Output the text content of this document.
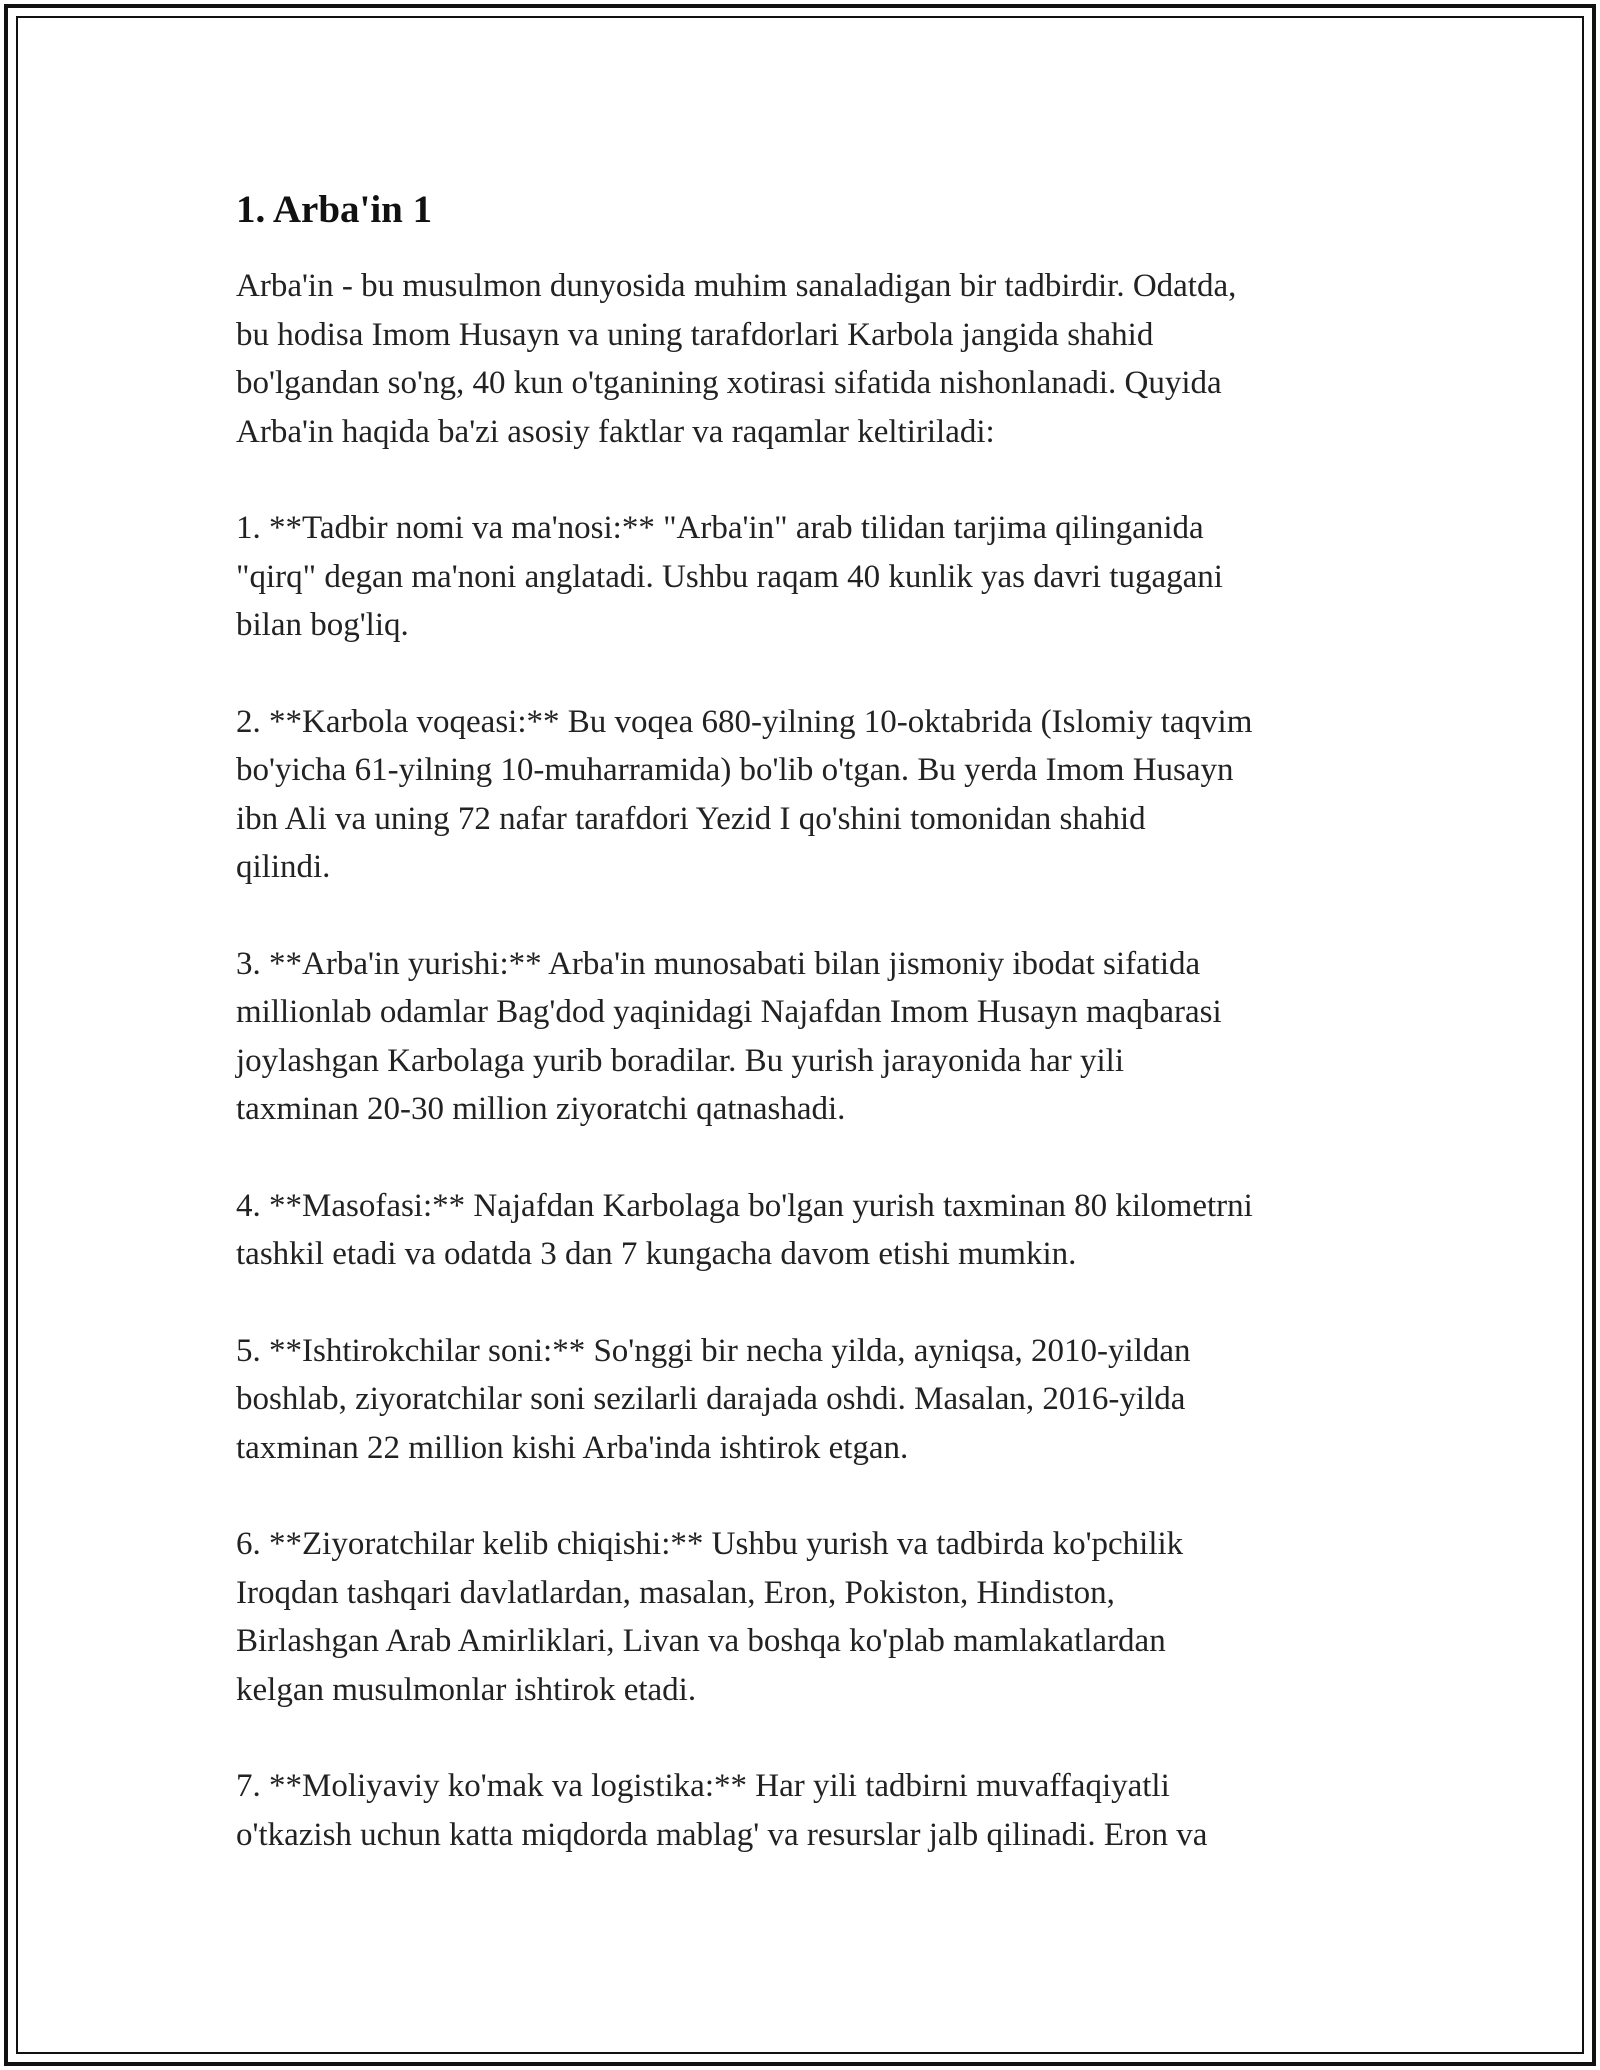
1. Arba'in 1

Arba'in - bu musulmon dunyosida muhim sanaladigan bir tadbirdir. Odatda,
bu hodisa Imom Husayn va uning tarafdorlari Karbola jangida shahid
bo'lgandan so'ng, 40 kun o'tganining xotirasi sifatida nishonlanadi. Quyida
Arba'in haqida ba'zi asosiy faktlar va raqamlar keltiriladi:

1. **Tadbir nomi va ma'nosi:** "Arba'in" arab tilidan tarjima qilinganida
"qirq" degan ma'noni anglatadi. Ushbu raqam 40 kunlik yas davri tugagani
bilan bog'liq.

2. **Karbola voqeasi:** Bu voqea 680-yilning 10-oktabrida (Islomiy taqvim
bo'yicha 61-yilning 10-muharramida) bo'lib o'tgan. Bu yerda Imom Husayn
ibn Ali va uning 72 nafar tarafdori Yezid I qo'shini tomonidan shahid
qilindi.

3. **Arba'in yurishi:** Arba'in munosabati bilan jismoniy ibodat sifatida
millionlab odamlar Bag'dod yaqinidagi Najafdan Imom Husayn maqbarasi
joylashgan Karbolaga yurib boradilar. Bu yurish jarayonida har yili
taxminan 20-30 million ziyoratchi qatnashadi.

4. **Masofasi:** Najafdan Karbolaga bo'lgan yurish taxminan 80 kilometrni
tashkil etadi va odatda 3 dan 7 kungacha davom etishi mumkin.

5. **Ishtirokchilar soni:** So'nggi bir necha yilda, ayniqsa, 2010-yildan
boshlab, ziyoratchilar soni sezilarli darajada oshdi. Masalan, 2016-yilda
taxminan 22 million kishi Arba'inda ishtirok etgan.

6. **Ziyoratchilar kelib chiqishi:** Ushbu yurish va tadbirda ko'pchilik
Iroqdan tashqari davlatlardan, masalan, Eron, Pokiston, Hindiston,
Birlashgan Arab Amirliklari, Livan va boshqa ko'plab mamlakatlardan
kelgan musulmonlar ishtirok etadi.

7. **Moliyaviy ko'mak va logistika:** Har yili tadbirni muvaffaqiyatli
o'tkazish uchun katta miqdorda mablag' va resurslar jalb qilinadi. Eron va
